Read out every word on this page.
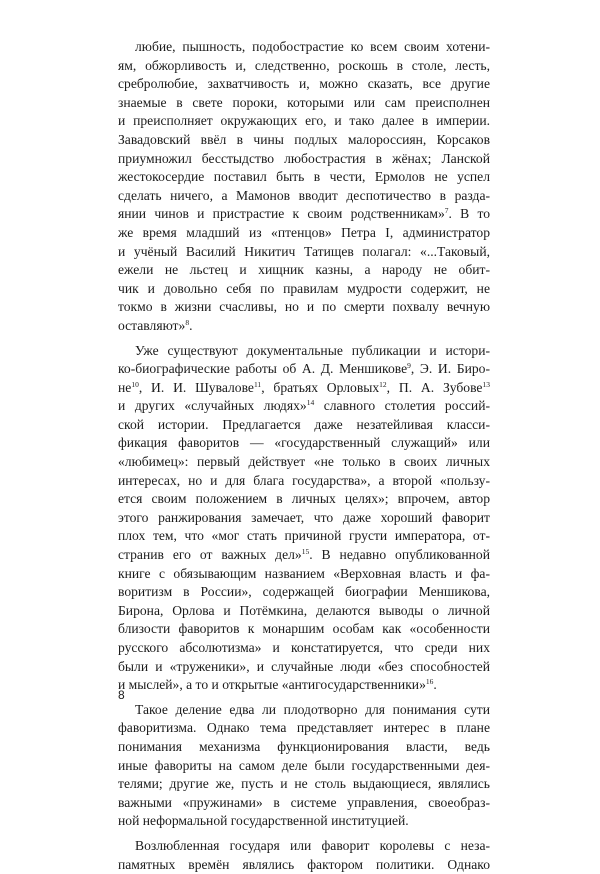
любие, пышность, подобострастие ко всем своим хотени-

ям, обжорливость и, следственно, роскошь в столе, лесть,

сребролюбие, захватчивость и, можно сказать, все другие

знаемые в свете пороки, которыми или сам преисполнен

и преисполняет окружающих его, и тако далее в империи.

Завадовский ввёл в чины подлых малороссиян, Корсаков

приумножил бесстыдство любострастия в жёнах; Ланской

жестокосердие поставил быть в чести, Ермолов не успел

сделать ничего, а Мамонов вводит деспотичество в разда-

янии чинов и пристрастие к своим родственникам»$^7$. В то

же время младший из «птенцов» Петра I, администратор

и учёный Василий Никитич Татищев полагал: «...Таковый,

ежели не льстец и хищник казны, а народу не обит-

чик и довольно себя по правилам мудрости содержит, не

токмо в жизни счасливы, но и по смерти похвалу вечную

оставляют»$^8$.

Уже существуют документальные публикации и истори-

ко-биографические работы об А. Д. Меншикове$^9$, Э. И. Биро-

$не^{10}$, И. И. Шувалове$^{11}$, братьях Орловых$^{12}$, П. А. Зубове$^{13}$

и других «случайных людях»$^{14}$ славного столетия россий-

ской истории. Предлагается даже незатейливая класси-

фикация фаворитов — «государственный служащий» или

«любимец»: первый действует «не только в своих личных

интересах, но и для блага государства», а второй «пользу-

ется своим положением в личных целях»; впрочем, автор

этого ранжирования замечает, что даже хороший фаворит

плох тем, что «мог стать причиной грусти императора, от-

странив его от важных дел»$^{15}$. В недавно опубликованной

книге с обязывающим названием «Верховная власть и фа-

воритизм в России», содержащей биографии Меншикова,

Бирона, Орлова и Потёмкина, делаются выводы о личной

близости фаворитов к монаршим особам как «особенности

русского абсолютизма» и констатируется, что среди них

были и «труженики», и случайные люди «без способностей

и мыслей», а то и открытые «антигосударственники»$^{16}$.

Такое деление едва ли плодотворно для понимания сути

фаворитизма. Однако тема представляет интерес в плане

понимания механизма функционирования власти, ведь

иные фавориты на самом деле были государственными дея-

телями; другие же, пусть и не столь выдающиеся, являлись

важными «пружинами» в системе управления, своеобраз-

ной неформальной государственной институцией.

Возлюбленная государя или фаворит королевы с неза-

памятных времён являлись фактором политики. Однако

8
